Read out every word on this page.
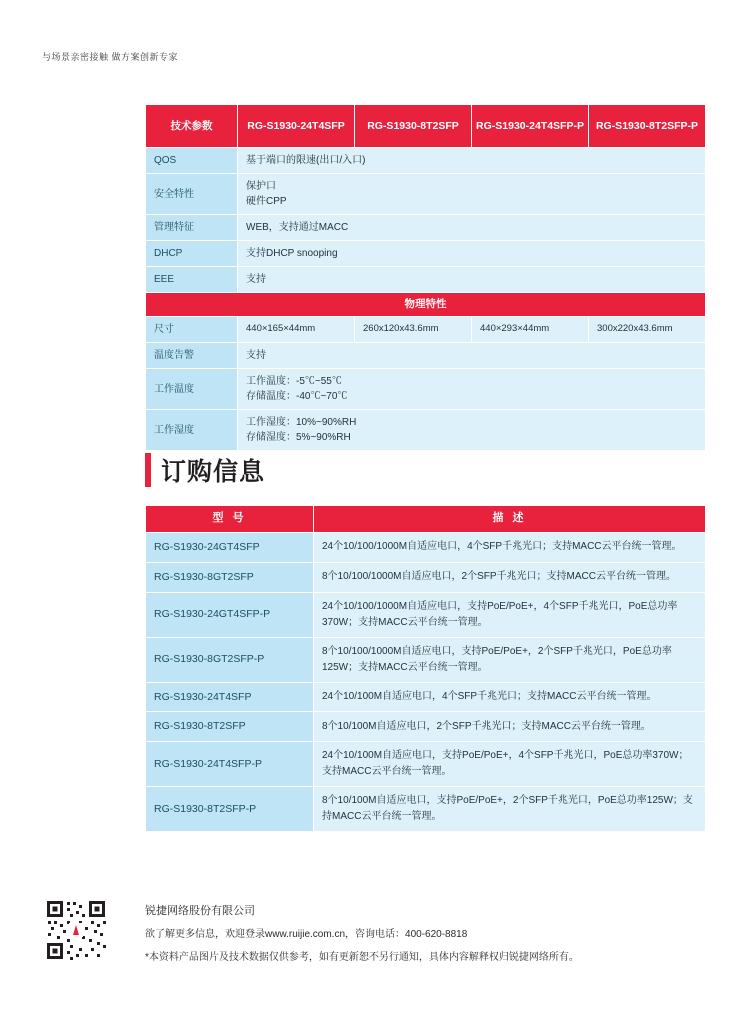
与场景亲密接触 做方案创新专家
技术参数	RG-S1930-24T4SFP	RG-S1930-8T2SFP	RG-S1930-24T4SFP-P	RG-S1930-8T2SFP-P
QOS	基于端口的限速(出口/入口)			
安全特性	保护口
硬件CPP			

管理特征	WEB，支持通过MACC			
DHCP	支持DHCP snooping			
EEE	支持			
物理特性				
尺寸	440×165×44mm	260x120x43.6mm	440×293×44mm	300x220x43.6mm
温度告警	支持			
工作温度	工作温度：-5℃~55℃
存储温度：-40℃~70℃			

工作湿度	工作湿度：10%~90%RH
存储湿度：5%~90%RH			
订购信息
型 号	描 述
RG-S1930-24GT4SFP	24个10/100/1000M自适应电口，4个SFP千兆光口；支持MACC云平台统一管理。
RG-S1930-8GT2SFP	8个10/100/1000M自适应电口，2个SFP千兆光口；支持MACC云平台统一管理。
RG-S1930-24GT4SFP-P	24个10/100/1000M自适应电口，支持PoE/PoE+，4个SFP千兆光口，PoE总功率370W；支持MACC云平台统一管理。
RG-S1930-8GT2SFP-P	8个10/100/1000M自适应电口，支持PoE/PoE+，2个SFP千兆光口，PoE总功率125W；支持MACC云平台统一管理。
RG-S1930-24T4SFP	24个10/100M自适应电口，4个SFP千兆光口；支持MACC云平台统一管理。
RG-S1930-8T2SFP	8个10/100M自适应电口，2个SFP千兆光口；支持MACC云平台统一管理。
RG-S1930-24T4SFP-P	24个10/100M自适应电口，支持PoE/PoE+，4个SFP千兆光口，PoE总功率370W；支持MACC云平台统一管理。
RG-S1930-8T2SFP-P	8个10/100M自适应电口，支持PoE/PoE+，2个SFP千兆光口，PoE总功率125W；支持MACC云平台统一管理。
锐捷网络股份有限公司
欲了解更多信息，欢迎登录www.ruijie.com.cn，咨询电话：400-620-8818
*本资料产品图片及技术数据仅供参考，如有更新恕不另行通知，具体内容解释权归锐捷网络所有。
